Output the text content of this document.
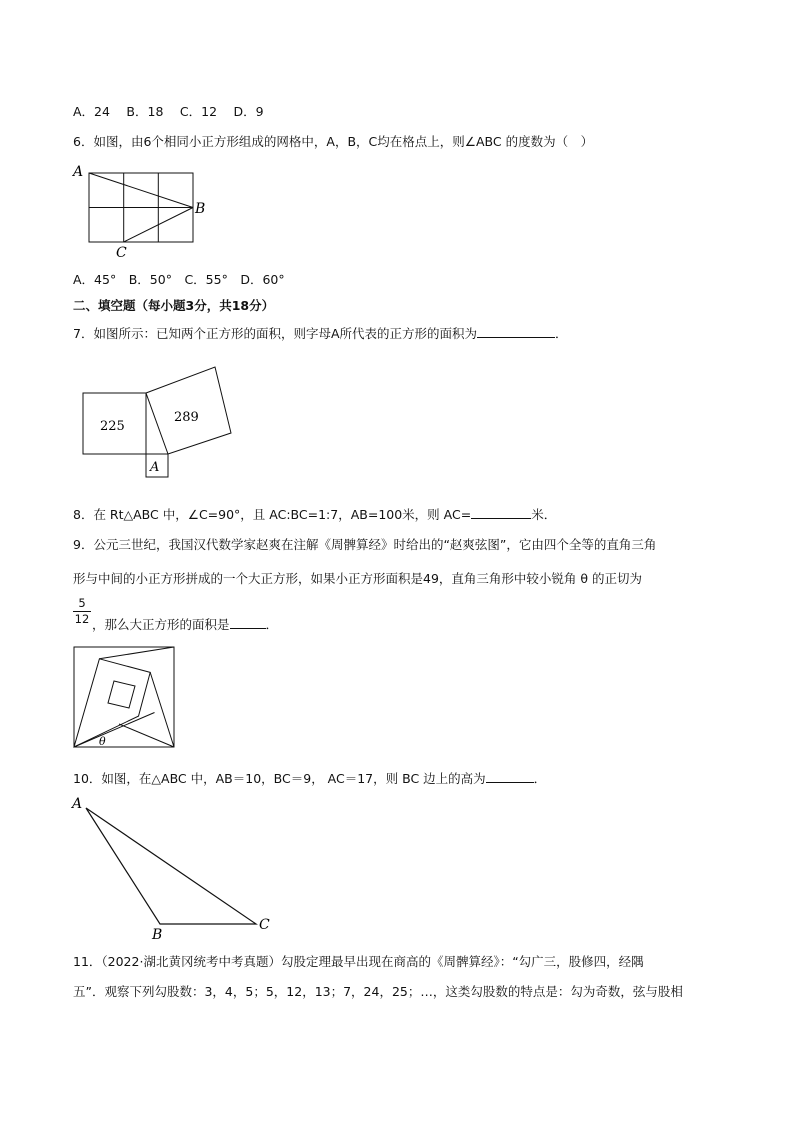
A．24　 B．18　 C．12　 D．9
6．如图，由6个相同小正方形组成的网格中，A，B，C均在格点上，则∠ABC 的度数为（　）
A
B
C
A．45°　B．50°　C．55°　D．60°
二、填空题（每小题3分，共18分）
7．如图所示：已知两个正方形的面积，则字母A所代表的正方形的面积为	．
225
289
A
8．在 Rt△ABC 中，∠C=90°，且 AC:BC=1:7，AB=100米，则 AC=	米．
9．公元三世纪，我国汉代数学家赵爽在注解《周髀算经》时给出的“赵爽弦图”，它由四个全等的直角三角
形与中间的小正方形拼成的一个大正方形，如果小正方形面积是49，直角三角形中较小锐角 θ 的正切为
$\frac{5}{12}$ ，那么大正方形的面积是	．
θ
10．如图，在△ABC 中，AB＝10，BC＝9， AC＝17，则 BC 边上的高为	．
A
B
C
11．（2022·湖北黄冈统考中考真题）勾股定理最早出现在商高的《周髀算经》：“勾广三，股修四，经隅
五”．观察下列勾股数：3，4，5；5，12，13；7，24，25；…，这类勾股数的特点是：勾为奇数，弦与股相
